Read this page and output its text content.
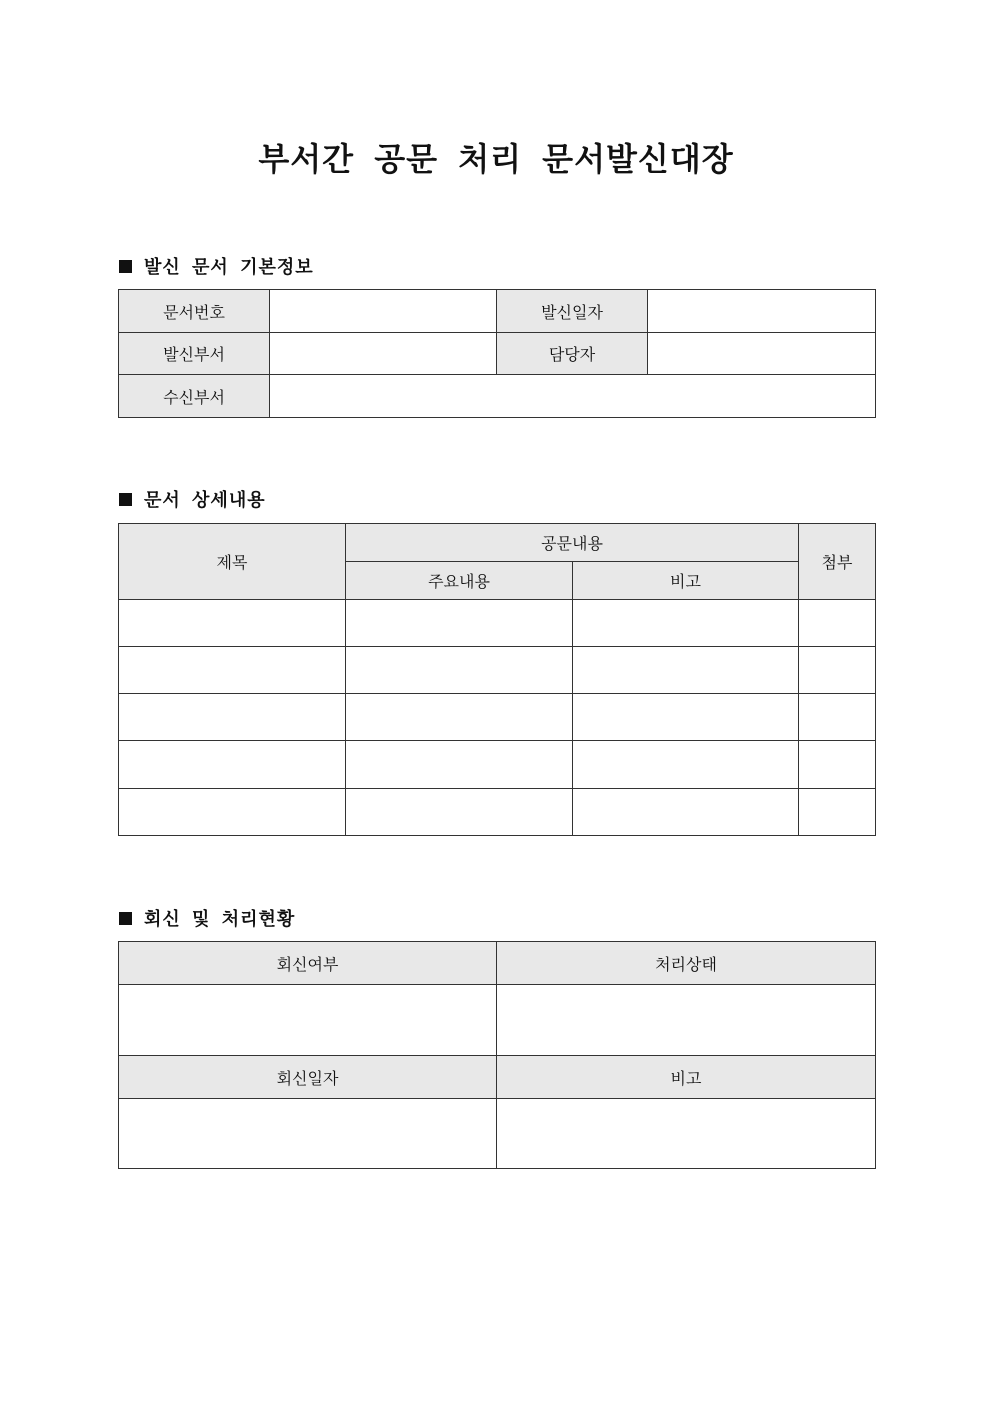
부서간 공문 처리 문서발신대장
발신 문서 기본정보
문서번호		발신일자	
발신부서		담당자	
수신부서			
문서 상세내용
제목	공문내용		첨부
	주요내용	비고	

회신 및 처리현황
회신여부	처리상태

회신일자	비고
